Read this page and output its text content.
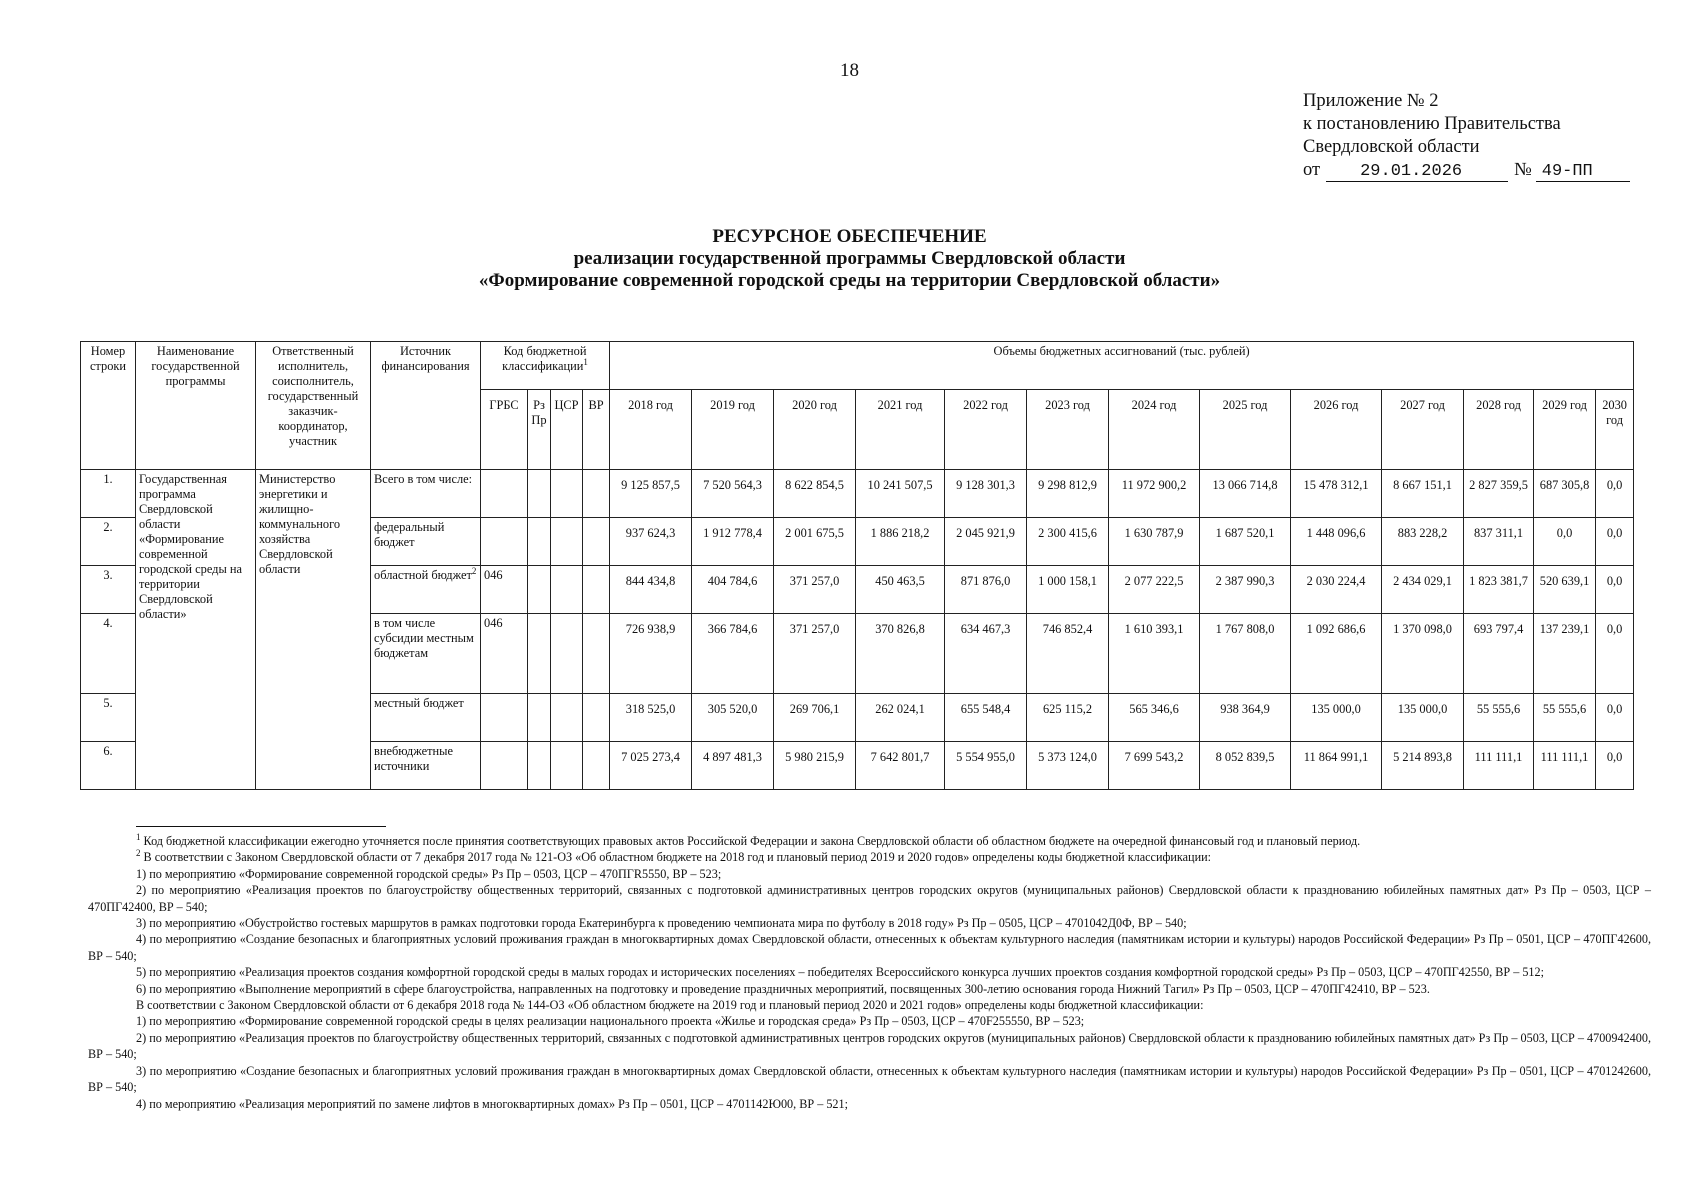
18
Приложение № 2
к постановлению Правительства
Свердловской области
от	29.01.2026	№ 49-ПП
РЕСУРСНОЕ ОБЕСПЕЧЕНИЕ
реализации государственной программы Свердловской области
«Формирование современной городской среды на территории Свердловской области»
Номер строки	Наименование государственной программы	Ответственный исполнитель, соисполнитель, государственный заказчик-координатор, участник	Источник финансирования	Код бюджетной классификации$^1$				Объемы бюджетных ассигнований (тыс. рублей)												
				ГРБС	Рз Пр	ЦСР	ВР	2018 год	2019 год	2020 год	2021 год	2022 год	2023 год	2024 год	2025 год	2026 год	2027 год	2028 год	2029 год	2030 год
1.	Государственная программа Свердловской области «Формирование современной городской среды на территории Свердловской области»	Министерство энергетики и жилищно-коммунального хозяйства Свердловской области	Всего в том числе:					9 125 857,5	7 520 564,3	8 622 854,5	10 241 507,5	9 128 301,3	9 298 812,9	11 972 900,2	13 066 714,8	15 478 312,1	8 667 151,1	2 827 359,5	687 305,8	0,0
2.			федеральный бюджет					937 624,3	1 912 778,4	2 001 675,5	1 886 218,2	2 045 921,9	2 300 415,6	1 630 787,9	1 687 520,1	1 448 096,6	883 228,2	837 311,1	0,0	0,0
3.			областной бюджет$^2$	046				844 434,8	404 784,6	371 257,0	450 463,5	871 876,0	1 000 158,1	2 077 222,5	2 387 990,3	2 030 224,4	2 434 029,1	1 823 381,7	520 639,1	0,0
4.			в том числе субсидии местным бюджетам	046				726 938,9	366 784,6	371 257,0	370 826,8	634 467,3	746 852,4	1 610 393,1	1 767 808,0	1 092 686,6	1 370 098,0	693 797,4	137 239,1	0,0
5.			местный бюджет					318 525,0	305 520,0	269 706,1	262 024,1	655 548,4	625 115,2	565 346,6	938 364,9	135 000,0	135 000,0	55 555,6	55 555,6	0,0
6.			внебюджетные источники					7 025 273,4	4 897 481,3	5 980 215,9	7 642 801,7	5 554 955,0	5 373 124,0	7 699 543,2	8 052 839,5	11 864 991,1	5 214 893,8	111 111,1	111 111,1	0,0

$^1$ Код бюджетной классификации ежегодно уточняется после принятия соответствующих правовых актов Российской Федерации и закона Свердловской области об областном бюджете на очередной финансовый год и плановый период.

$^2$ В соответствии с Законом Свердловской области от 7 декабря 2017 года № 121-ОЗ «Об областном бюджете на 2018 год и плановый период 2019 и 2020 годов» определены коды бюджетной классификации:

1) по мероприятию «Формирование современной городской среды» Рз Пр – 0503, ЦСР – 470ПГR5550, ВР – 523;

2) по мероприятию «Реализация проектов по благоустройству общественных территорий, связанных с подготовкой административных центров городских округов (муниципальных районов) Свердловской области к празднованию юбилейных памятных дат» Рз Пр – 0503, ЦСР – 470ПГ42400, ВР – 540;

3) по мероприятию «Обустройство гостевых маршрутов в рамках подготовки города Екатеринбурга к проведению чемпионата мира по футболу в 2018 году» Рз Пр – 0505, ЦСР – 4701042Д0Ф, ВР – 540;

4) по мероприятию «Создание безопасных и благоприятных условий проживания граждан в многоквартирных домах Свердловской области, отнесенных к объектам культурного наследия (памятникам истории и культуры) народов Российской Федерации» Рз Пр – 0501, ЦСР – 470ПГ42600, ВР – 540;

5) по мероприятию «Реализация проектов создания комфортной городской среды в малых городах и исторических поселениях – победителях Всероссийского конкурса лучших проектов создания комфортной городской среды» Рз Пр – 0503, ЦСР – 470ПГ42550, ВР – 512;

6) по мероприятию «Выполнение мероприятий в сфере благоустройства, направленных на подготовку и проведение праздничных мероприятий, посвященных 300-летию основания города Нижний Тагил» Рз Пр – 0503, ЦСР – 470ПГ42410, ВР – 523.

В соответствии с Законом Свердловской области от 6 декабря 2018 года № 144-ОЗ «Об областном бюджете на 2019 год и плановый период 2020 и 2021 годов» определены коды бюджетной классификации:

1) по мероприятию «Формирование современной городской среды в целях реализации национального проекта «Жилье и городская среда» Рз Пр – 0503, ЦСР – 470F255550, ВР – 523;

2) по мероприятию «Реализация проектов по благоустройству общественных территорий, связанных с подготовкой административных центров городских округов (муниципальных районов) Свердловской области к празднованию юбилейных памятных дат» Рз Пр – 0503, ЦСР – 4700942400, ВР – 540;

3) по мероприятию «Создание безопасных и благоприятных условий проживания граждан в многоквартирных домах Свердловской области, отнесенных к объектам культурного наследия (памятникам истории и культуры) народов Российской Федерации» Рз Пр – 0501, ЦСР – 4701242600, ВР – 540;

4) по мероприятию «Реализация мероприятий по замене лифтов в многоквартирных домах» Рз Пр – 0501, ЦСР – 4701142Ю00, ВР – 521;
